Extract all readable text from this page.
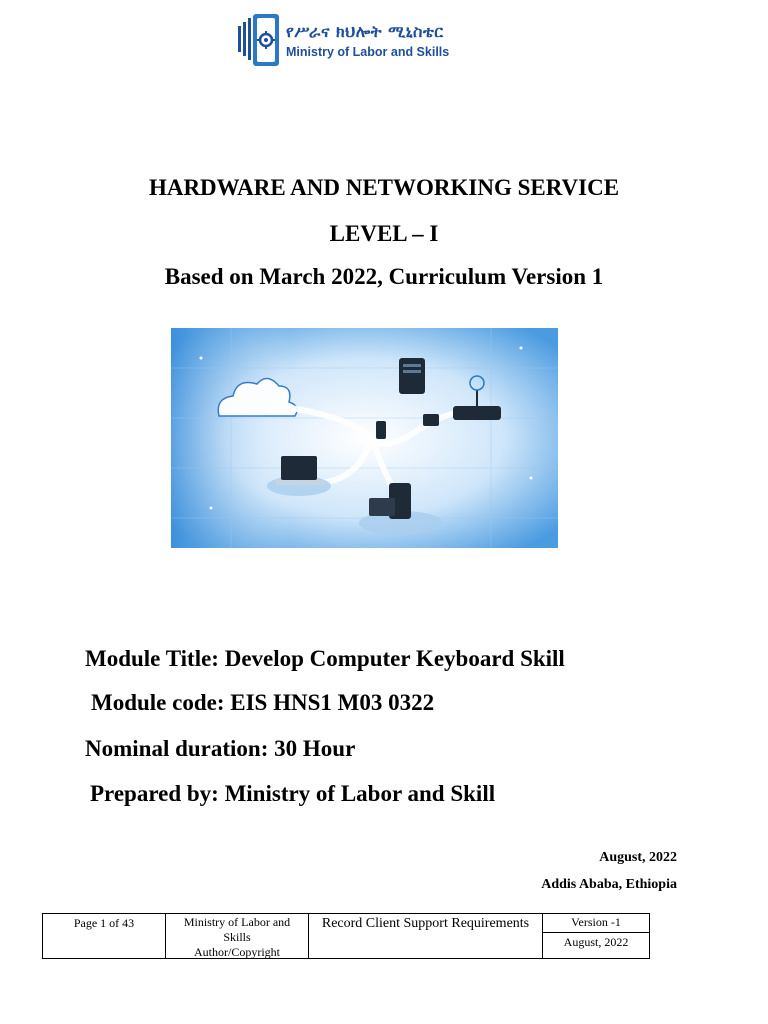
የሥራና ክህሎት ሚኒስቴር
Ministry of Labor and Skills
HARDWARE AND NETWORKING SERVICE
LEVEL – I
Based on March 2022, Curriculum Version 1
Module Title: Develop Computer Keyboard Skill
Module code: EIS HNS1 M03 0322
Nominal duration: 30 Hour
Prepared by: Ministry of Labor and Skill
August, 2022
Addis Ababa, Ethiopia
Page 1 of 43	Ministry of Labor and
Skills
Author/Copyright
Record Client Support Requirements	Version -1
August, 2022
